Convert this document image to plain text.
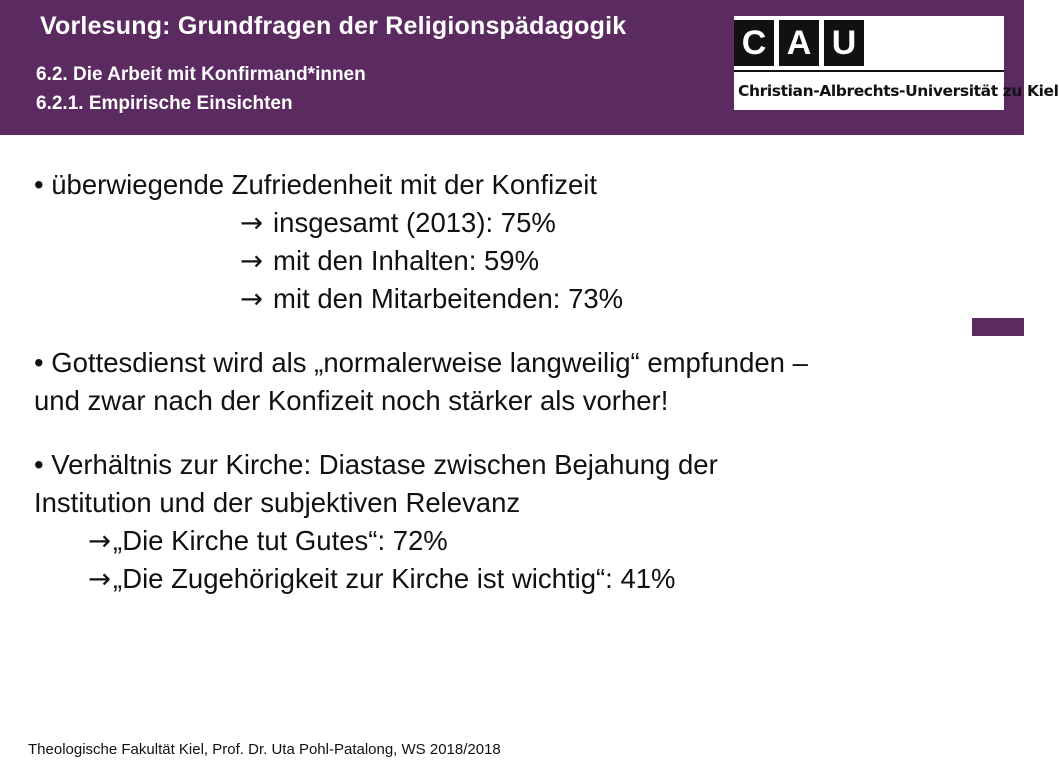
Vorlesung: Grundfragen der Religionspädagogik
6.2. Die Arbeit mit Konfirmand*innen
6.2.1. Empirische Einsichten
C A U
Christian-Albrechts-Universität zu Kiel
• überwiegende Zufriedenheit mit der Konfizeit
→ insgesamt (2013): 75%
→ mit den Inhalten: 59%
→ mit den Mitarbeitenden: 73%
• Gottesdienst wird als „normalerweise langweilig“ empfunden –
und zwar nach der Konfizeit noch stärker als vorher!
• Verhältnis zur Kirche: Diastase zwischen Bejahung der
Institution und der subjektiven Relevanz
→„Die Kirche tut Gutes“: 72%
→„Die Zugehörigkeit zur Kirche ist wichtig“: 41%
Theologische Fakultät Kiel, Prof. Dr. Uta Pohl-Patalong, WS 2018/2018
